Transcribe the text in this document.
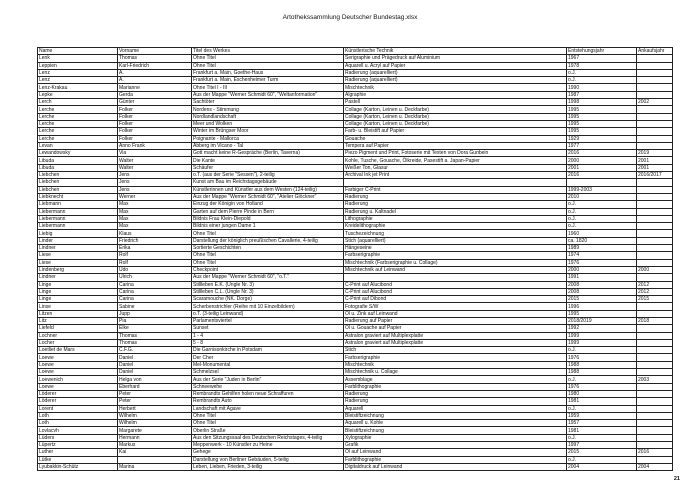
Artothekssammlung Deutscher Bundestag.xlsx
Name	Vorname	Titel des Werkes	Künstlerische Technik	Entstehungsjahr	Ankaufsjahr
Lenk	Thomas	Ohne Titel	Serigraphie und Prägedruck auf Aluminium	1967	
Leppien	Karl-Friedrich	Ohne Titel	Aquarell u. Acryl auf Papier	1978	
Lenz	A.	Frankfurt a. Main, Goethe-Haus	Radierung (aquarelliert)	o.J.	
Lenz	A.	Frankfurt a. Main, Eschenheimer Turm	Radierung (aquarelliert)	o.J.	
Lenz-Krakau	Marianne	Ohne Titel I - III	Mischtechnik	1990	
Lepke	Gerda	Aus der Mappe "Werner Schmidt 60", "Weltanformation"	Algraphie	1987	
Lerch	Günter	Sachtöter	Pastell	1998	2002
Lerche	Folker	Nordens - Stimmung	Collage (Karton, Leinen u. Deckfarbe)	1995	
Lerche	Folker	Nordlandlandschaft	Collage (Karton, Leinen u. Deckfarbe)	1995	
Lerche	Folker	Meer und Wolken	Collage (Karton, Leinen u. Deckfarbe)	1995	
Lerche	Folker	Winter im Brüngser Moor	Farb- u. Bleistift auf Papier	1995	
Lerche	Folker	Poignante - Mallorca	Gouache	1929	
Levan	Anno Frank	Abberg im Vicano - Tal	Tempera auf Papier	1977	
Lewandowsky	Via	Gott macht keine R-Gespräche (Berlin, Taverna)	Piezo Pigment und Print, Fotoserie mit Texten von Dora Gunbein	2016	2019
Libuda	Walter	Die Kante	Kohle, Tusche, Gouache, Ölkreide, Pasestift a. Japan-Papier	2000	2001
Libuda	Walter	Schäufer	Weißer Ton, Glasur	2001	2001
Liebchen	Jens	o.T. (aus der Serie "Sessen"), 2-teilig	Archival Ink jet Print	2016	2016/2017
Liebchen	Jens	Kunst am Bau im Reichstagsgebäude			
Liebchen	Jens	Künstlerinnen und Künstler aus dem Westen (124-teilig)	Farbiger C-Print	1999-2003	
Liebknecht	Werner	Aus der Mappe "Werner Schmidt 60", "Atelier Glöckner"	Radierung	2010	
Liebmann	Max	Einzug der Königin von Holland	Radierung	o.J.	
Liebermann	Max	Garten auf dem Pierre Pinde in Bern	Radierung u. Kaltnadel	o.J.	
Liebermann	Max	Bildnis Frau Klein-Diepold	Lithographie	o.J.	
Liebermann	Max	Bildnis einer jungen Dame 1	Kreidelithographie	o.J.	
Liebig	Klaus	Ohne Titel	Tuschezeichnung	1960	
Linder	Friedrich	Darstellung der königlich preußischen Cavallerie, 4-teilig	Stich (aquarelliert)	ca. 1820	
Lindner	Erika	Sortierte Geschichten	Hängeseine	1989	
Liese	Rolf	Ohne Titel	Farbserigraphie	1974	
Liese	Rolf	Ohne Titel	Mischtechnik (Farbserigraphie u. Collage)	1976	
Lindenberg	Udo	Checkpoint	Mischtechnik auf Leinwand	2000	2000
Lindner	Ulrich	Aus der Mappe "Werner Schmidt 60", "o.T."		1991	
Linge	Carina	Stillleben E.K. (Ungle Nr. 3)	C-Print auf Alucibond	2008	2012
Linge	Carina	Stillleben C.L. (Ungle Nr. 3)	C-Print auf Alucibond	2008	2012
Linge	Carina	Scaramouche (NK. Dorge)	C-Print auf Dibond	2015	2015
Linse	Sabine	Scherbenstrichler (Reihe mit 10 Einzelbildern)	Fotografie S/W	1996	
Litzen	Jupp	o.T. (3-teilig Leinwand)	Öl u. Zink auf Leinwand	1995	
Litz	Pia	Parlamentsviertel	Radierung auf Papier	2018/2019	2018
Liefeld	Elke	Sunset	Öl u. Gouache auf Papier	1992	
Lochner	Thomas	1 - 4	Astralon graviert auf Multiplexplatte	1999	
Locher	Thomas	5 - 8	Astralon graviert auf Multiplexplatte	1999	
Loetliet de Mars	C.F.G.	Die Garnisonkirche in Potsdam	Stich	o.J.	
Loewe	Daniel	Der Cher	Farbserigraphie	1976	
Loewe	Daniel	Mel-Monumental	Mischtechnik	1988	
Loewe	Daniel	Schmelzsel	Mischtechnik u. Collage	1988	
Loewenich	Helga von	Aus der Serie "Juden in Berlin"	Assemblage	o.J.	2003
Loewe	Eberhard	Schneewehe	Farblithographie	1976	
Löderer	Peter	Rembrandts Gehilfen holen neue Schraffuren	Radierung	1980	
Löderer	Peter	Rembrandts Auto	Radierung	1981	
Lorent	Herbert	Landschaft mit Agave	Aquarell	o.J.	
Loth	Wilhelm	Ohne Titel	Bleistiftzeichnung	1959	
Loth	Wilhelm	Ohne Titel	Aquarell u. Kohle	1957	
Lovlacvh	Margarete	Oberlin Straße	Bleistiftzeichnung	1981	
Lüders	Hermann	Aus den Sitzungssaal des Deutschen Reichstages, 4-teilig	Xylographie	o.J.	
Lüpertz	Markus	Meppenwerk - 10 Künstler zu Heine	Grafik	1997	
Luther	Kai	Gehege	Öl auf Leinwand	2015	2016
Lütke		Darstellung von Berliner Gebäuden, 5-teilig	Farblithographie	o.J.	
Lyubakkin-Schütz	Marina	Leben, Lieben, Frieden, 3-teilig	Digitaldruck auf Leinwand	2004	2004
21
